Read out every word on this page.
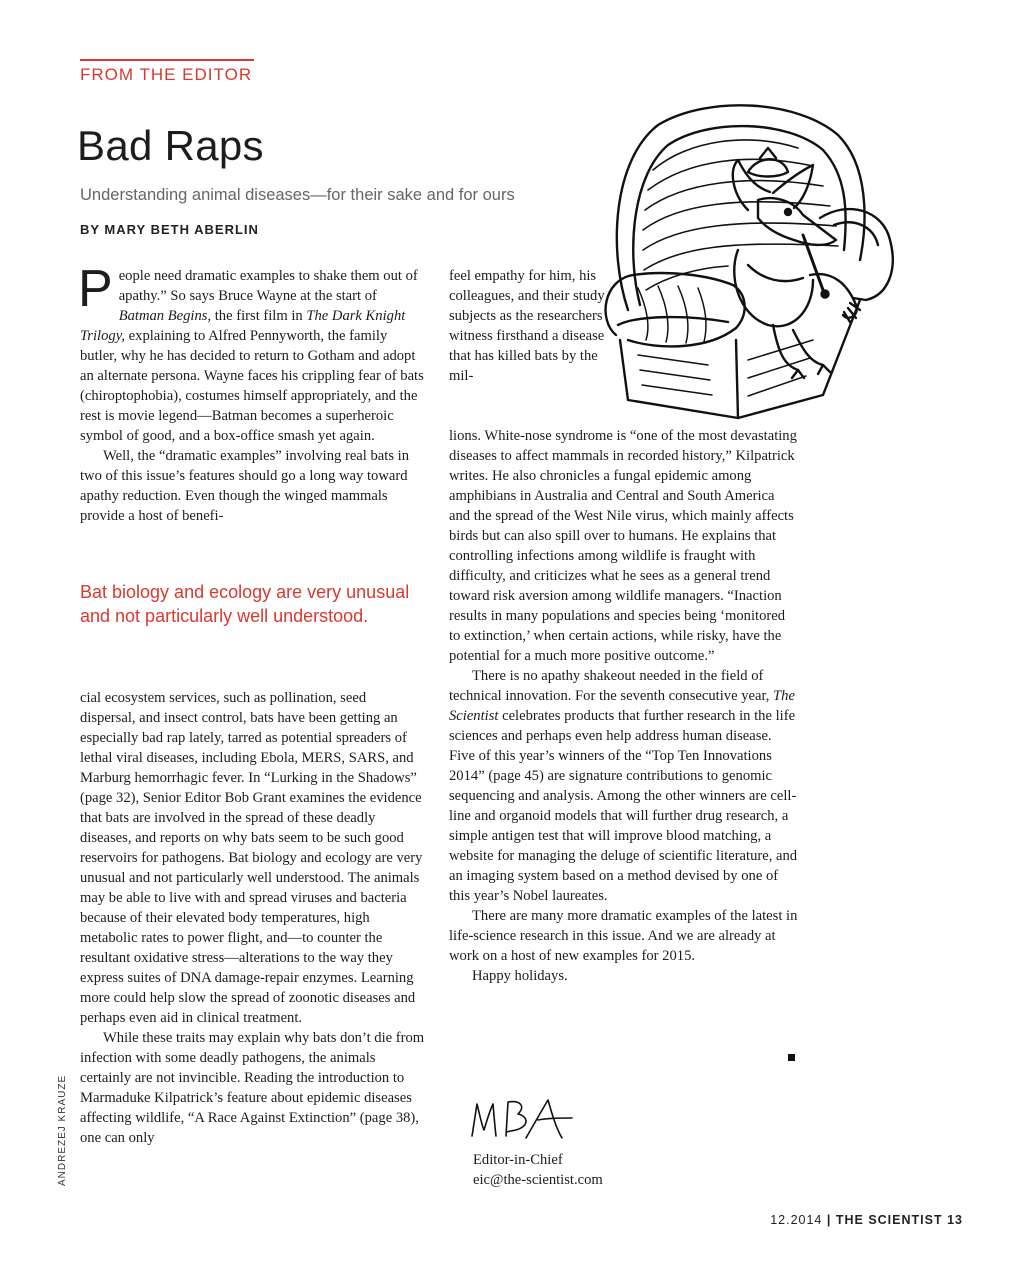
FROM THE EDITOR
Bad Raps
Understanding animal diseases—for their sake and for ours
BY MARY BETH ABERLIN

People need dramatic examples to shake them out of apathy.” So says Bruce Wayne at the start of Batman Begins, the first film in The Dark Knight Trilogy, explaining to Alfred Pennyworth, the family butler, why he has decided to return to Gotham and adopt an alternate persona. Wayne faces his crippling fear of bats (chiroptophobia), costumes himself appropriately, and the rest is movie legend—Batman becomes a superheroic symbol of good, and a box-office smash yet again.

Well, the “dramatic examples” involving real bats in two of this issue’s features should go a long way toward apathy reduction. Even though the winged mammals provide a host of benefi-

Bat biology and ecology are very unusual and not particularly well understood.

cial ecosystem services, such as pollination, seed dispersal, and insect control, bats have been getting an especially bad rap lately, tarred as potential spreaders of lethal viral diseases, including Ebola, MERS, SARS, and Marburg hemorrhagic fever. In “Lurking in the Shadows” (page 32), Senior Editor Bob Grant examines the evidence that bats are involved in the spread of these deadly diseases, and reports on why bats seem to be such good reservoirs for pathogens. Bat biology and ecology are very unusual and not particularly well understood. The animals may be able to live with and spread viruses and bacteria because of their elevated body temperatures, high metabolic rates to power flight, and—to counter the resultant oxidative stress—alterations to the way they express suites of DNA damage-repair enzymes. Learning more could help slow the spread of zoonotic diseases and perhaps even aid in clinical treatment.

While these traits may explain why bats don’t die from infection with some deadly pathogens, the animals certainly are not invincible. Reading the introduction to Marmaduke Kilpatrick’s feature about epidemic diseases affecting wildlife, “A Race Against Extinction” (page 38), one can only

feel empathy for him, his colleagues, and their study subjects as the researchers witness firsthand a disease that has killed bats by the mil-

lions. White-nose syndrome is “one of the most devastating diseases to affect mammals in recorded history,” Kilpatrick writes. He also chronicles a fungal epidemic among amphibians in Australia and Central and South America and the spread of the West Nile virus, which mainly affects birds but can also spill over to humans. He explains that controlling infections among wildlife is fraught with difficulty, and criticizes what he sees as a general trend toward risk aversion among wildlife managers. “Inaction results in many populations and species being ‘monitored to extinction,’ when certain actions, while risky, have the potential for a much more positive outcome.”

There is no apathy shakeout needed in the field of technical innovation. For the seventh consecutive year, The Scientist celebrates products that further research in the life sciences and perhaps even help address human disease. Five of this year’s winners of the “Top Ten Innovations 2014” (page 45) are signature contributions to genomic sequencing and analysis. Among the other winners are cell-line and organoid models that will further drug research, a simple antigen test that will improve blood matching, a website for managing the deluge of scientific literature, and an imaging system based on a method devised by one of this year’s Nobel laureates.

There are many more dramatic examples of the latest in life-science research in this issue. And we are already at work on a host of new examples for 2015.

Happy holidays.

Editor-in-Chief
eic@the-scientist.com
ANDREZEJ KRAUZE
12.2014 | THE SCIENTIST 13
